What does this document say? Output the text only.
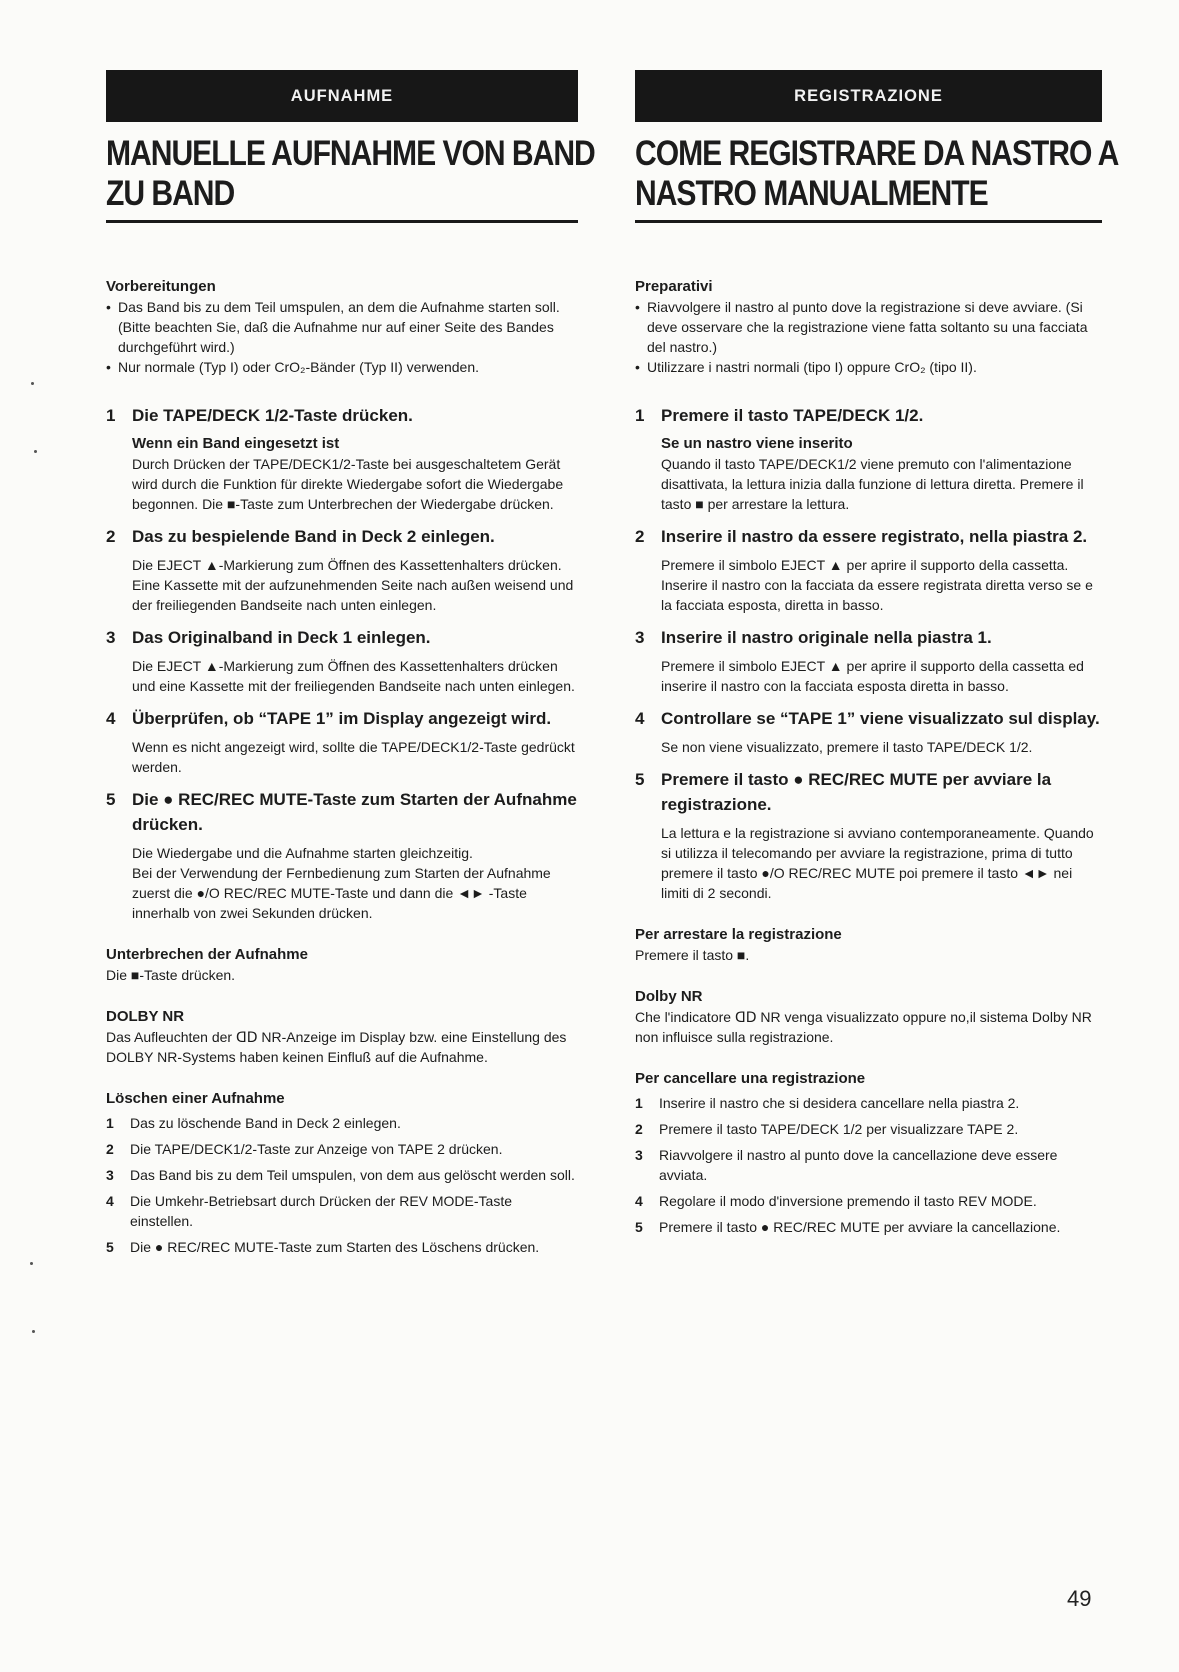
AUFNAHME
MANUELLE AUFNAHME VON BAND
ZU BAND
Vorbereitungen
• Das Band bis zu dem Teil umspulen, an dem die Aufnahme starten soll. (Bitte beachten Sie, daß die Aufnahme nur auf einer Seite des Bandes durchgeführt wird.)
• Nur normale (Typ I) oder CrO₂-Bänder (Typ II) verwenden.
1 Die TAPE/DECK 1/2-Taste drücken.
Wenn ein Band eingesetzt ist

Durch Drücken der TAPE/DECK1/2-Taste bei ausgeschaltetem Gerät wird durch die Funktion für direkte Wiedergabe sofort die Wiedergabe begonnen. Die ■-Taste zum Unterbrechen der Wiedergabe drücken.

2 Das zu bespielende Band in Deck 2 einlegen.

Die EJECT ▲-Markierung zum Öffnen des Kassettenhalters drücken.

Eine Kassette mit der aufzunehmenden Seite nach außen weisend und der freiliegenden Bandseite nach unten einlegen.

3 Das Originalband in Deck 1 einlegen.

Die EJECT ▲-Markierung zum Öffnen des Kassettenhalters drücken und eine Kassette mit der freiliegenden Bandseite nach unten einlegen.

4 Überprüfen, ob “TAPE 1” im Display angezeigt wird.

Wenn es nicht angezeigt wird, sollte die TAPE/DECK1/2-Taste gedrückt werden.

5 Die ● REC/REC MUTE-Taste zum Starten der Aufnahme drücken.

Die Wiedergabe und die Aufnahme starten gleichzeitig.

Bei der Verwendung der Fernbedienung zum Starten der Aufnahme zuerst die ●/O REC/REC MUTE-Taste und dann die ◄► -Taste innerhalb von zwei Sekunden drücken.

Unterbrechen der Aufnahme

Die ■-Taste drücken.

DOLBY NR

Das Aufleuchten der ᗡᗞ NR-Anzeige im Display bzw. eine Einstellung des DOLBY NR-Systems haben keinen Einfluß auf die Aufnahme.

Löschen einer Aufnahme
1	Das zu löschende Band in Deck 2 einlegen.
2	Die TAPE/DECK1/2-Taste zur Anzeige von TAPE 2 drücken.
3	Das Band bis zu dem Teil umspulen, von dem aus gelöscht werden soll.
4	Die Umkehr-Betriebsart durch Drücken der REV MODE-Taste einstellen.
5	Die ● REC/REC MUTE-Taste zum Starten des Löschens drücken.
REGISTRAZIONE
COME REGISTRARE DA NASTRO A
NASTRO MANUALMENTE
Preparativi
• Riavvolgere il nastro al punto dove la registrazione si deve avviare. (Si deve osservare che la registrazione viene fatta soltanto su una facciata del nastro.)
• Utilizzare i nastri normali (tipo I) oppure CrO₂ (tipo II).
1 Premere il tasto TAPE/DECK 1/2.
Se un nastro viene inserito

Quando il tasto TAPE/DECK1/2 viene premuto con l'alimentazione disattivata, la lettura inizia dalla funzione di lettura diretta. Premere il tasto ■ per arrestare la lettura.

2 Inserire il nastro da essere registrato, nella piastra 2.

Premere il simbolo EJECT ▲ per aprire il supporto della cassetta.

Inserire il nastro con la facciata da essere registrata diretta verso se e la facciata esposta, diretta in basso.

3 Inserire il nastro originale nella piastra 1.

Premere il simbolo EJECT ▲ per aprire il supporto della cassetta ed inserire il nastro con la facciata esposta diretta in basso.

4 Controllare se “TAPE 1” viene visualizzato sul display.

Se non viene visualizzato, premere il tasto TAPE/DECK 1/2.

5 Premere il tasto ● REC/REC MUTE per avviare la registrazione.

La lettura e la registrazione si avviano contemporaneamente. Quando si utilizza il telecomando per avviare la registrazione, prima di tutto premere il tasto ●/O REC/REC MUTE poi premere il tasto ◄► nei limiti di 2 secondi.

Per arrestare la registrazione

Premere il tasto ■.

Dolby NR

Che l'indicatore ᗡᗞ NR venga visualizzato oppure no,il sistema Dolby NR non influisce sulla registrazione.

Per cancellare una registrazione
1	Inserire il nastro che si desidera cancellare nella piastra 2.
2	Premere il tasto TAPE/DECK 1/2 per visualizzare TAPE 2.
3	Riavvolgere il nastro al punto dove la cancellazione deve essere avviata.
4	Regolare il modo d'inversione premendo il tasto REV MODE.
5	Premere il tasto ● REC/REC MUTE per avviare la cancellazione.
49
